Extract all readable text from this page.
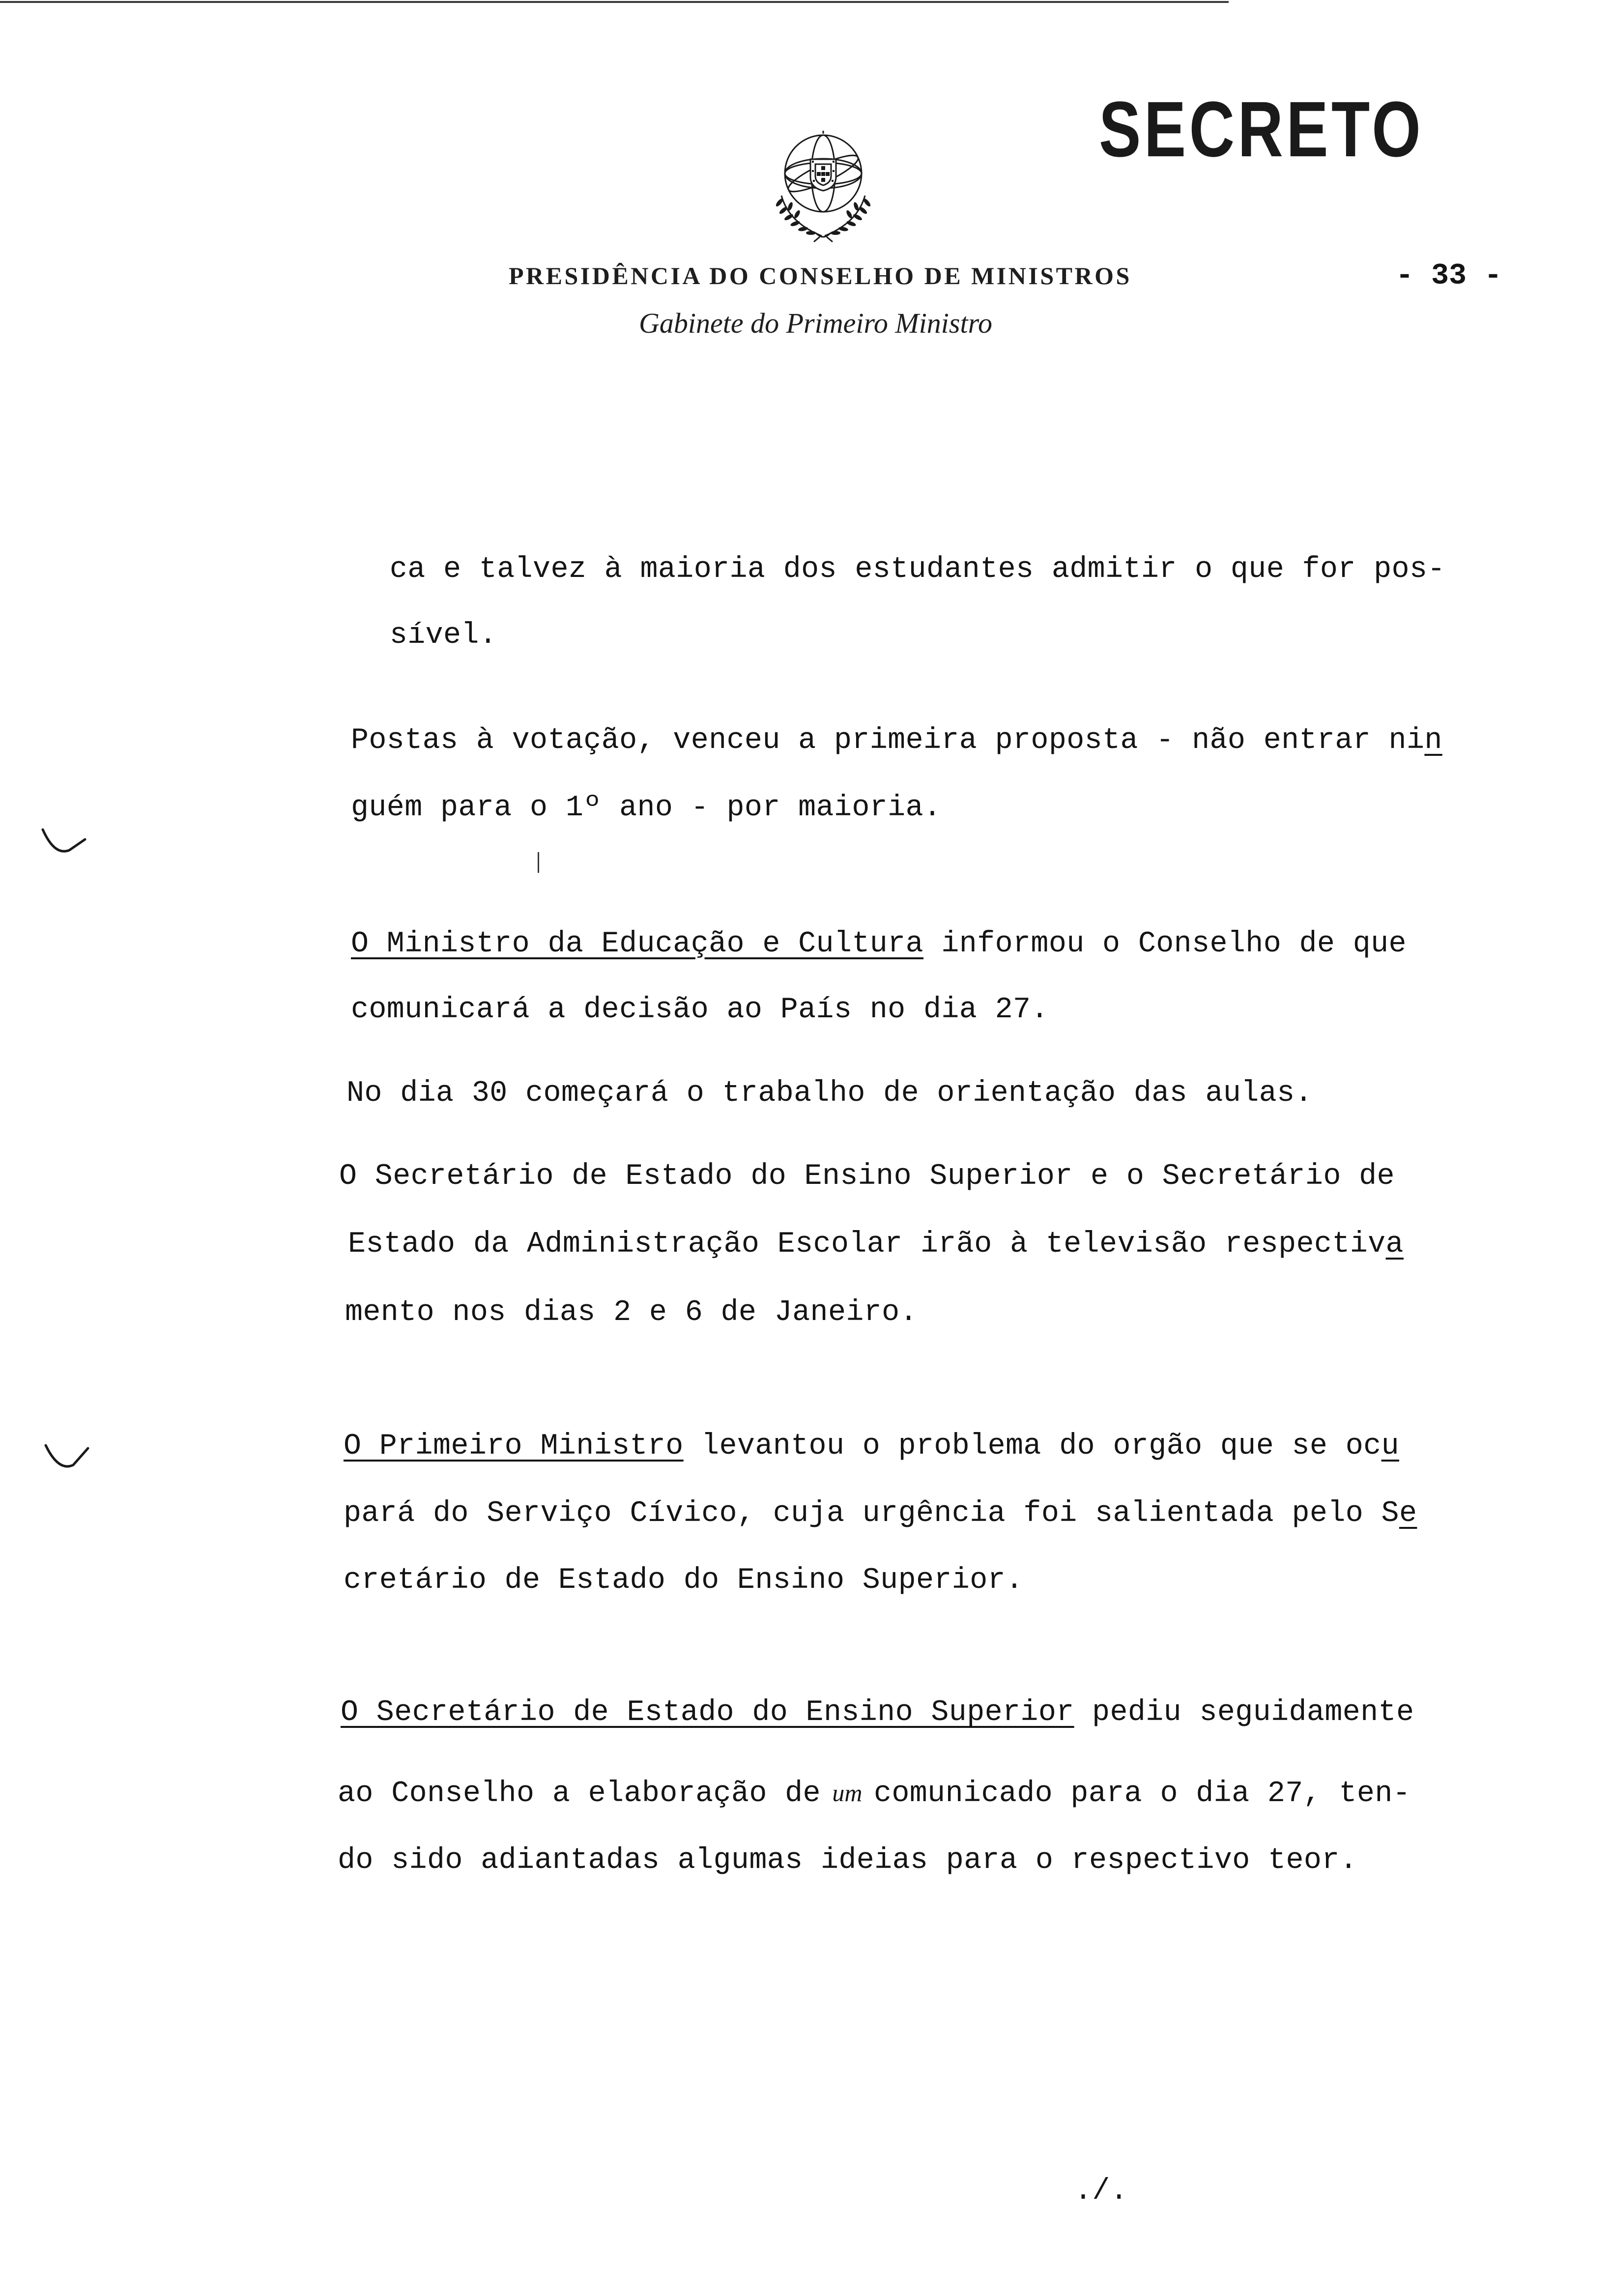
SECRETO
PRESIDÊNCIA DO CONSELHO DE MINISTROS
Gabinete do Primeiro Ministro
- 33 -

ca e talvez à maioria dos estudantes admitir o que for pos-

sível.
Postas à votação, venceu a primeira proposta - não entrar nin
guém para o 1º ano - por maioria.
O Ministro da Educação e Cultura informou o Conselho de que
comunicará a decisão ao País no dia 27.
No dia 30 começará o trabalho de orientação das aulas.
O Secretário de Estado do Ensino Superior e o Secretário de
Estado da Administração Escolar irão à televisão respectiva
mento nos dias 2 e 6 de Janeiro.
O Primeiro Ministro levantou o problema do orgão que se ocu
pará do Serviço Cívico, cuja urgência foi salientada pelo Se
cretário de Estado do Ensino Superior.
O Secretário de Estado do Ensino Superior pediu seguidamente
ao Conselho a elaboração de um comunicado para o dia 27, ten-
do sido adiantadas algumas ideias para o respectivo teor.
./.
